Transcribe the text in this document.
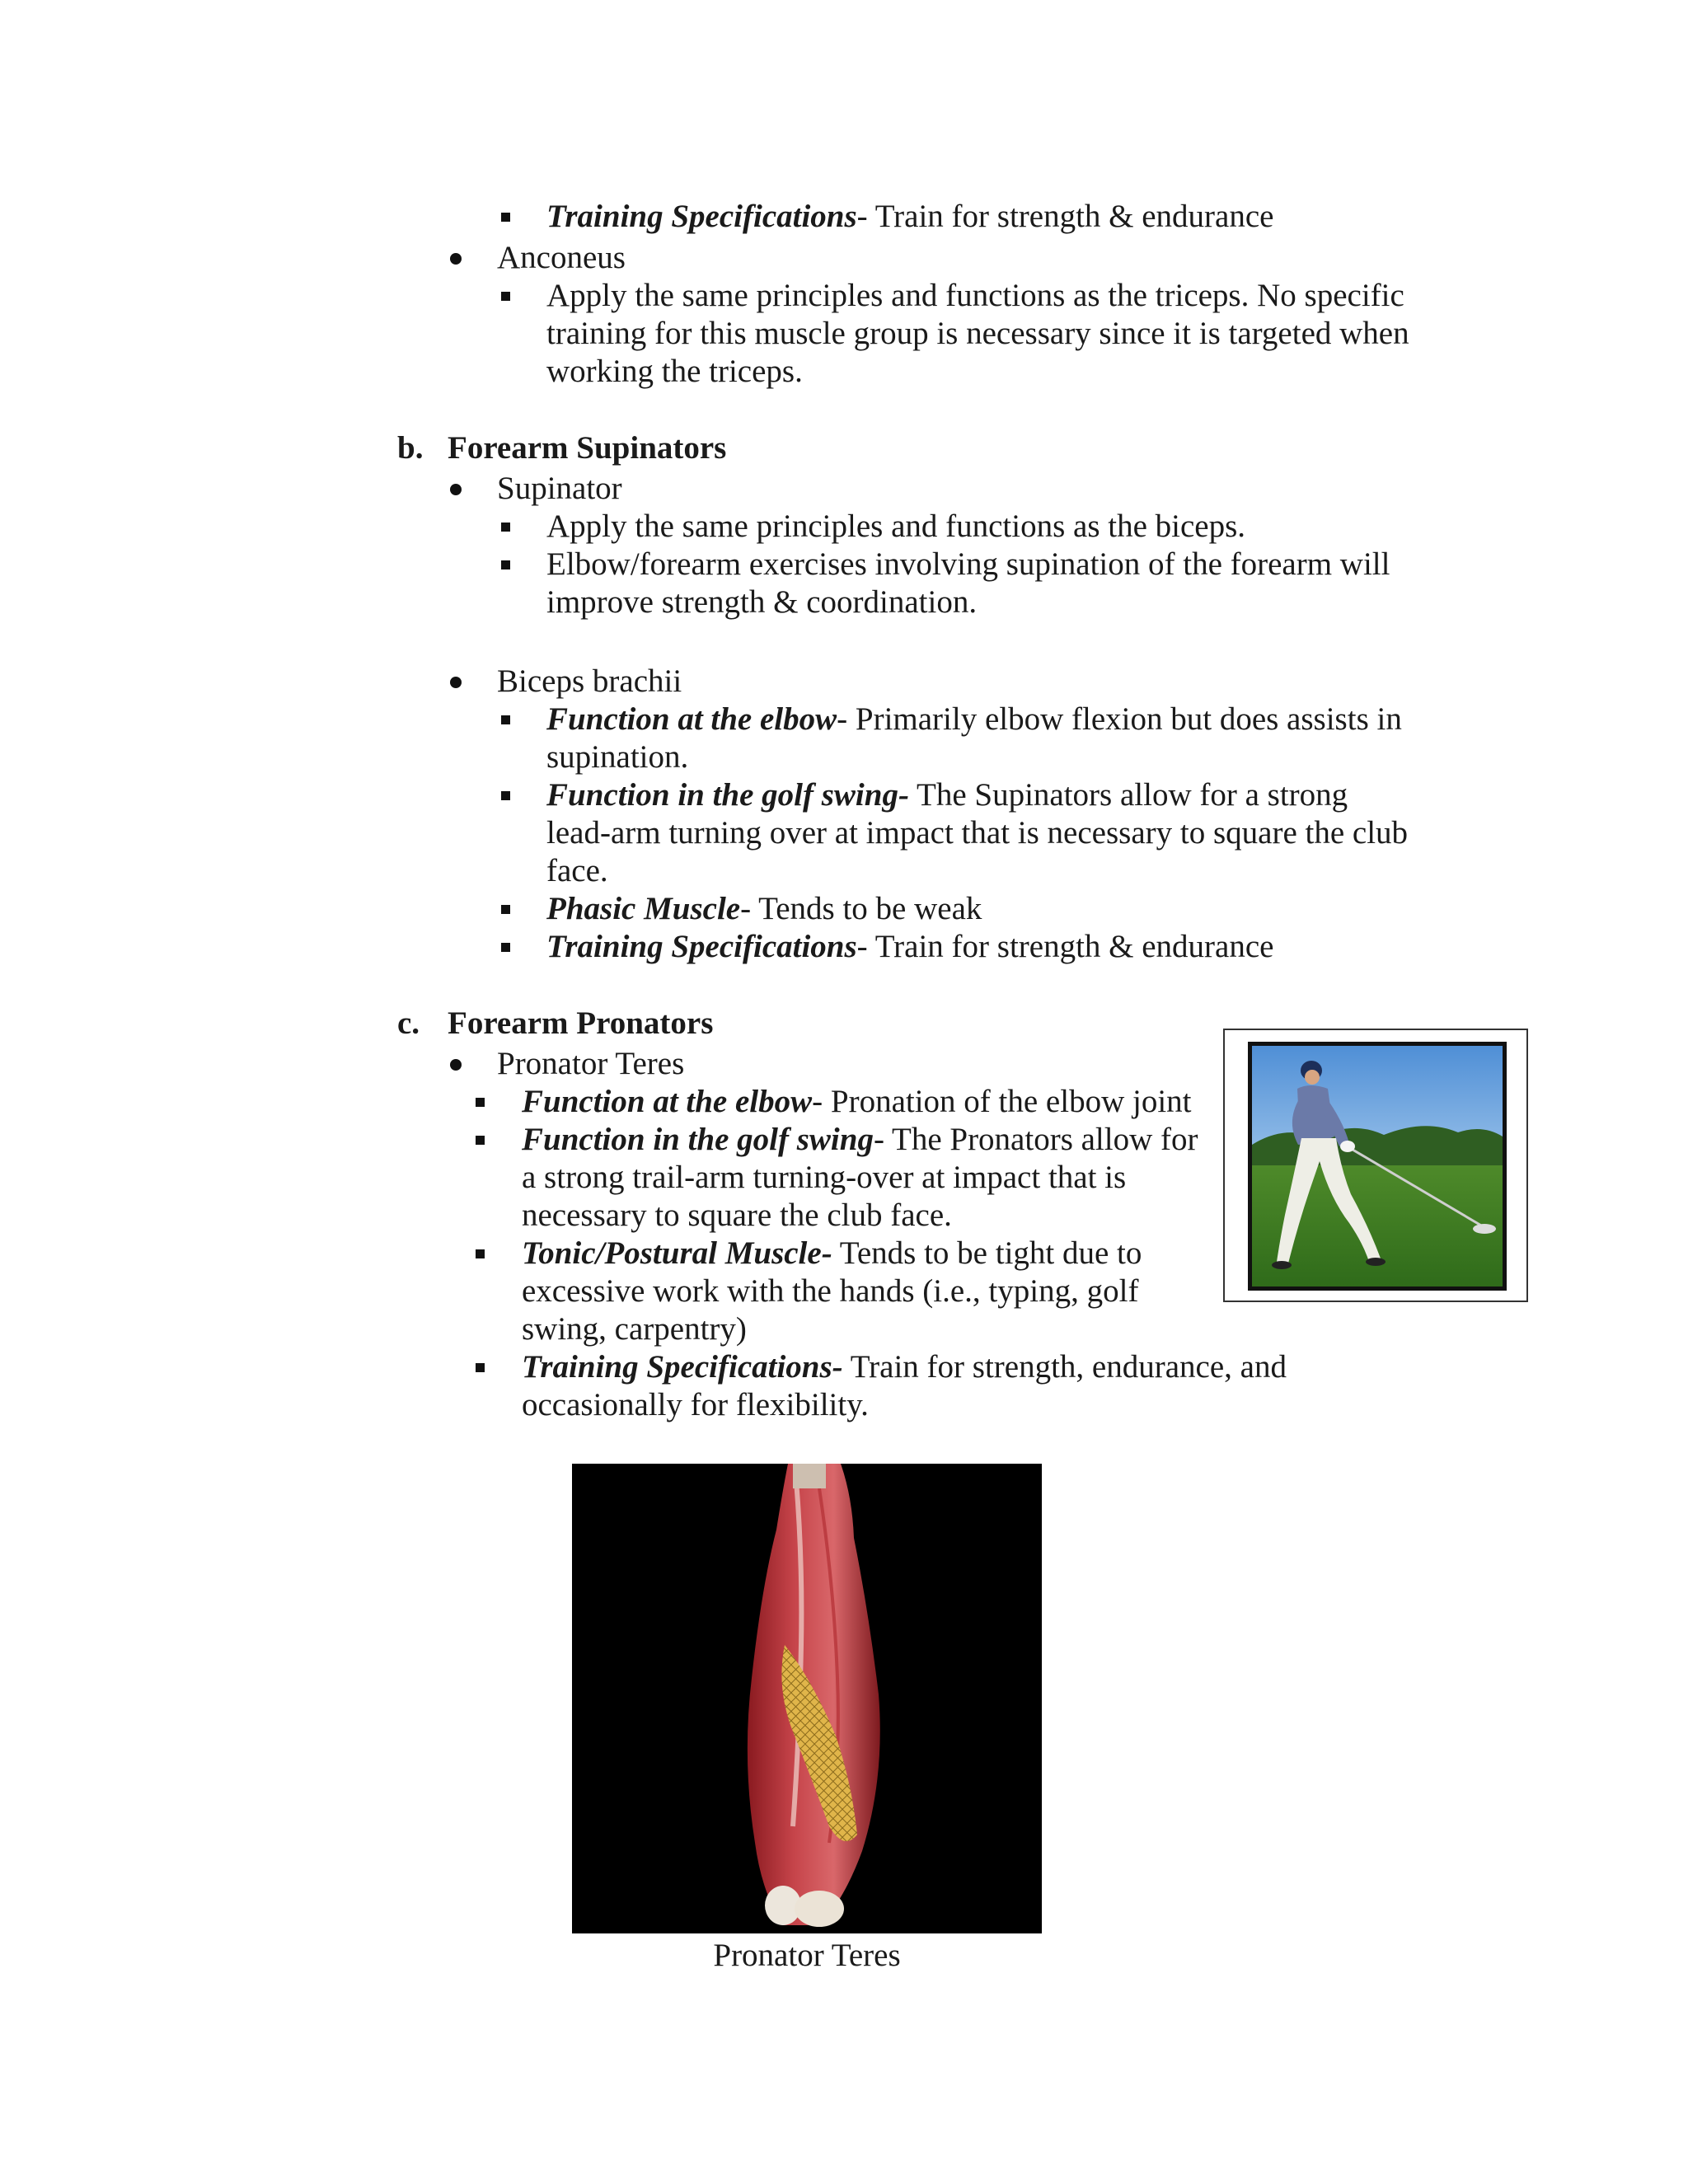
Training Specifications- Train for strength & endurance
Anconeus
Apply the same principles and functions as the triceps. No specific
training for this muscle group is necessary since it is targeted when
working the triceps.
b. Forearm Supinators
Supinator
Apply the same principles and functions as the biceps.
Elbow/forearm exercises involving supination of the forearm will
improve strength & coordination.
Biceps brachii
Function at the elbow- Primarily elbow flexion but does assists in
supination.
Function in the golf swing- The Supinators allow for a strong
lead-arm turning over at impact that is necessary to square the club
face.
Phasic Muscle- Tends to be weak
Training Specifications- Train for strength & endurance
c. Forearm Pronators
Pronator Teres
Function at the elbow- Pronation of the elbow joint
Function in the golf swing- The Pronators allow for
a strong trail-arm turning-over at impact that is
necessary to square the club face.
Tonic/Postural Muscle- Tends to be tight due to
excessive work with the hands (i.e., typing, golf
swing, carpentry)
Training Specifications- Train for strength, endurance, and
occasionally for flexibility.
Pronator Teres
